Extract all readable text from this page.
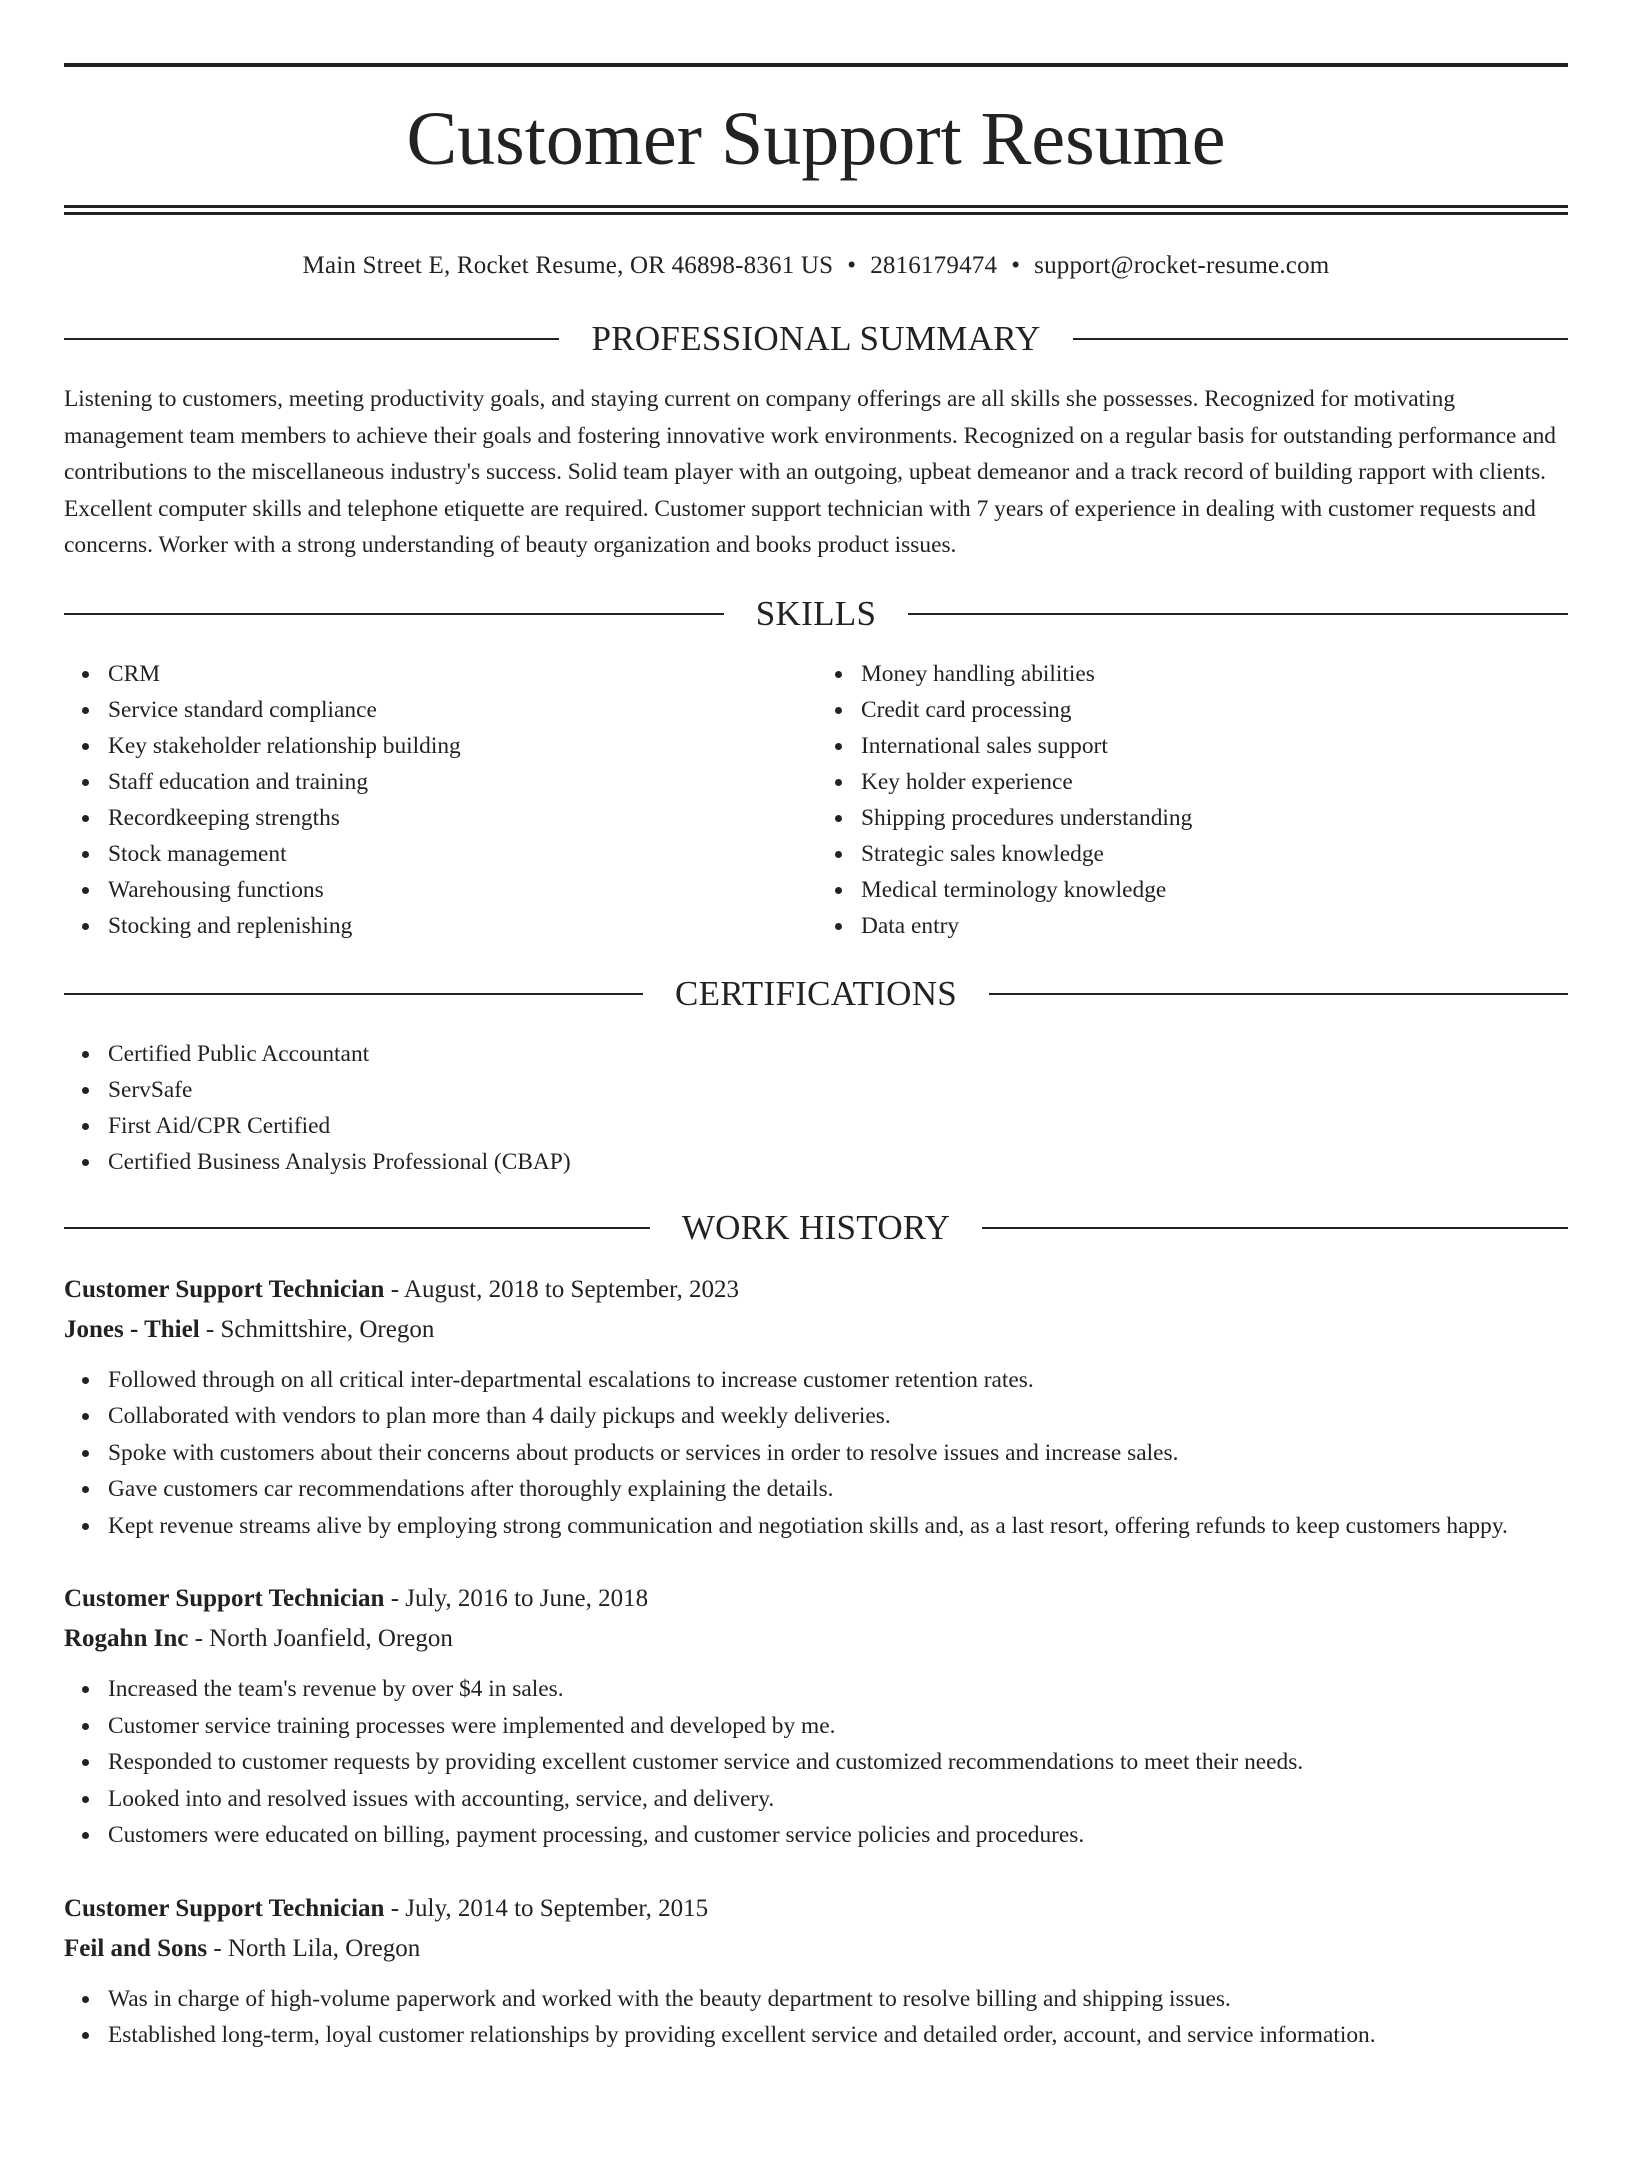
Customer Support Resume
Main Street E, Rocket Resume, OR 46898-8361 US • 2816179474 • support@rocket-resume.com
PROFESSIONAL SUMMARY
Listening to customers, meeting productivity goals, and staying current on company offerings are all skills she possesses. Recognized for motivating management team members to achieve their goals and fostering innovative work environments. Recognized on a regular basis for outstanding performance and contributions to the miscellaneous industry's success. Solid team player with an outgoing, upbeat demeanor and a track record of building rapport with clients. Excellent computer skills and telephone etiquette are required. Customer support technician with 7 years of experience in dealing with customer requests and concerns. Worker with a strong understanding of beauty organization and books product issues.
SKILLS
CRM
Service standard compliance
Key stakeholder relationship building
Staff education and training
Recordkeeping strengths
Stock management
Warehousing functions
Stocking and replenishing
Money handling abilities
Credit card processing
International sales support
Key holder experience
Shipping procedures understanding
Strategic sales knowledge
Medical terminology knowledge
Data entry
CERTIFICATIONS
Certified Public Accountant
ServSafe
First Aid/CPR Certified
Certified Business Analysis Professional (CBAP)
WORK HISTORY
Customer Support Technician - August, 2018 to September, 2023
Jones - Thiel - Schmittshire, Oregon
Followed through on all critical inter-departmental escalations to increase customer retention rates.
Collaborated with vendors to plan more than 4 daily pickups and weekly deliveries.
Spoke with customers about their concerns about products or services in order to resolve issues and increase sales.
Gave customers car recommendations after thoroughly explaining the details.
Kept revenue streams alive by employing strong communication and negotiation skills and, as a last resort, offering refunds to keep customers happy.
Customer Support Technician - July, 2016 to June, 2018
Rogahn Inc - North Joanfield, Oregon
Increased the team's revenue by over $4 in sales.
Customer service training processes were implemented and developed by me.
Responded to customer requests by providing excellent customer service and customized recommendations to meet their needs.
Looked into and resolved issues with accounting, service, and delivery.
Customers were educated on billing, payment processing, and customer service policies and procedures.
Customer Support Technician - July, 2014 to September, 2015
Feil and Sons - North Lila, Oregon
Was in charge of high-volume paperwork and worked with the beauty department to resolve billing and shipping issues.
Established long-term, loyal customer relationships by providing excellent service and detailed order, account, and service information.
